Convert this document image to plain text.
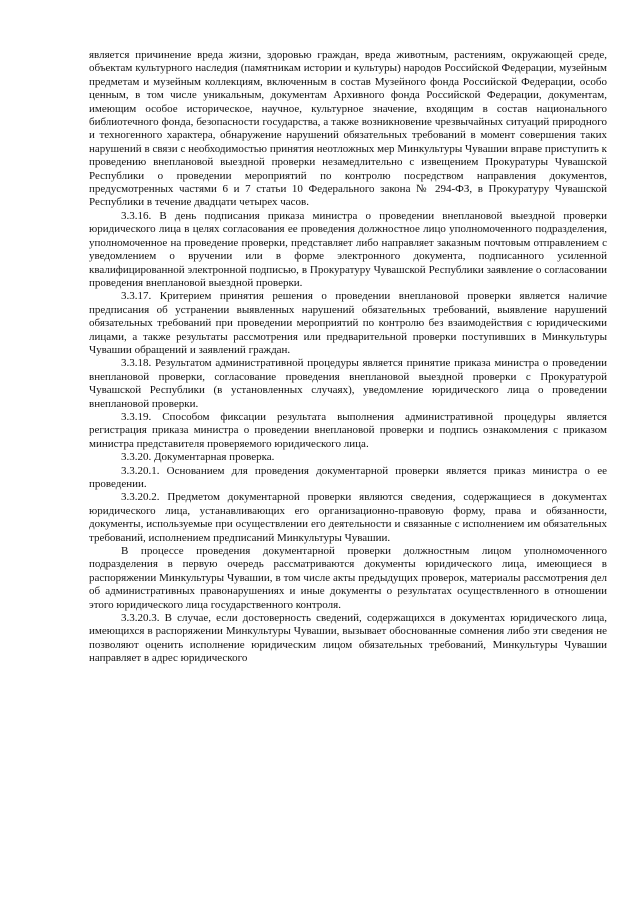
является причинение вреда жизни, здоровью граждан, вреда животным, растениям, окружающей среде, объектам культурного наследия (памятникам истории и культуры) народов Российской Федерации, музейным предметам и музейным коллекциям, включенным в состав Музейного фонда Российской Федерации, особо ценным, в том числе уникальным, документам Архивного фонда Российской Федерации, документам, имеющим особое историческое, научное, культурное значение, входящим в состав национального библиотечного фонда, безопасности государства, а также возникновение чрезвычайных ситуаций природного и техногенного характера, обнаружение нарушений обязательных требований в момент совершения таких нарушений в связи с необходимостью принятия неотложных мер Минкультуры Чувашии вправе приступить к проведению внеплановой выездной проверки незамедлительно с извещением Прокуратуры Чувашской Республики о проведении мероприятий по контролю посредством направления документов, предусмотренных частями 6 и 7 статьи 10 Федерального закона № 294-ФЗ, в Прокуратуру Чувашской Республики в течение двадцати четырех часов.

3.3.16. В день подписания приказа министра о проведении внеплановой выездной проверки юридического лица в целях согласования ее проведения должностное лицо уполномоченного подразделения, уполномоченное на проведение проверки, представляет либо направляет заказным почтовым отправлением с уведомлением о вручении или в форме электронного документа, подписанного усиленной квалифицированной электронной подписью, в Прокуратуру Чувашской Республики заявление о согласовании проведения внеплановой выездной проверки.

3.3.17. Критерием принятия решения о проведении внеплановой проверки является наличие предписания об устранении выявленных нарушений обязательных требований, выявление нарушений обязательных требований при проведении мероприятий по контролю без взаимодействия с юридическими лицами, а также результаты рассмотрения или предварительной проверки поступивших в Минкультуры Чувашии обращений и заявлений граждан.

3.3.18. Результатом административной процедуры является принятие приказа министра о проведении внеплановой проверки, согласование проведения внеплановой выездной проверки с Прокуратурой Чувашской Республики (в установленных случаях), уведомление юридического лица о проведении внеплановой проверки.

3.3.19. Способом фиксации результата выполнения административной процедуры является регистрация приказа министра о проведении внеплановой проверки и подпись ознакомления с приказом министра представителя проверяемого юридического лица.

3.3.20. Документарная проверка.

3.3.20.1. Основанием для проведения документарной проверки является приказ министра о ее проведении.

3.3.20.2. Предметом документарной проверки являются сведения, содержащиеся в документах юридического лица, устанавливающих его организационно-правовую форму, права и обязанности, документы, используемые при осуществлении его деятельности и связанные с исполнением им обязательных требований, исполнением предписаний Минкультуры Чувашии.

В процессе проведения документарной проверки должностным лицом уполномоченного подразделения в первую очередь рассматриваются документы юридического лица, имеющиеся в распоряжении Минкультуры Чувашии, в том числе акты предыдущих проверок, материалы рассмотрения дел об административных правонарушениях и иные документы о результатах осуществленного в отношении этого юридического лица государственного контроля.

3.3.20.3. В случае, если достоверность сведений, содержащихся в документах юридического лица, имеющихся в распоряжении Минкультуры Чувашии, вызывает обоснованные сомнения либо эти сведения не позволяют оценить исполнение юридическим лицом обязательных требований, Минкультуры Чувашии направляет в адрес юридического
